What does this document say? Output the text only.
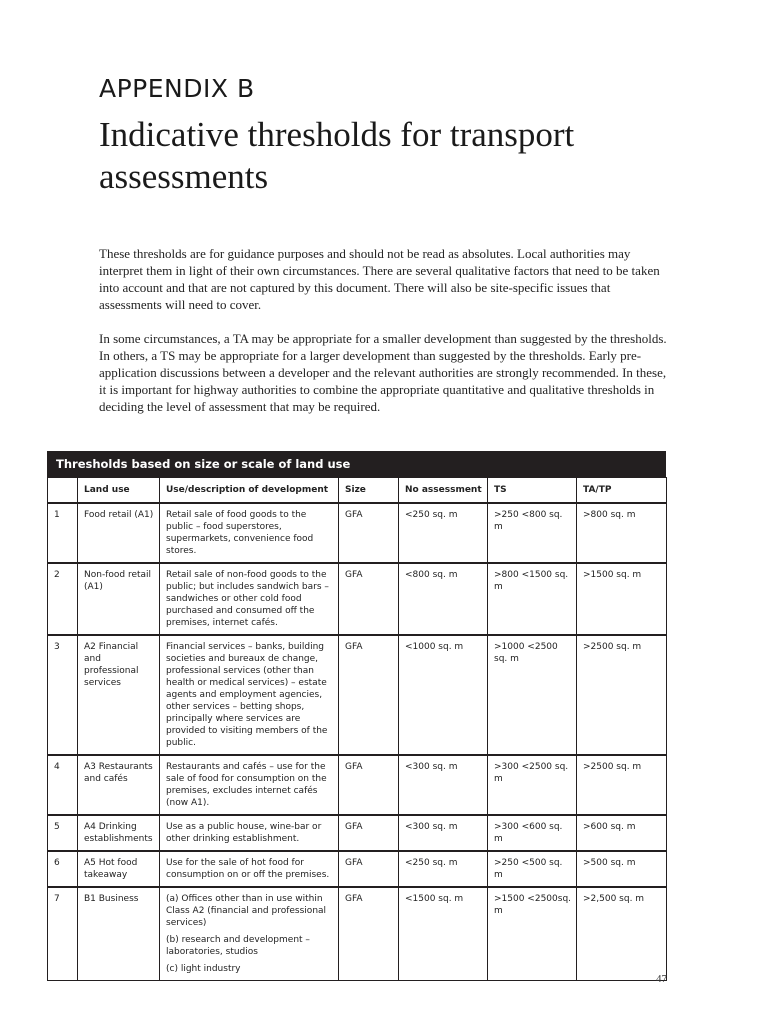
APPENDIX B
Indicative thresholds for transport assessments

These thresholds are for guidance purposes and should not be read as absolutes. Local authorities may interpret them in light of their own circumstances. There are several qualitative factors that need to be taken into account and that are not captured by this document. There will also be site-specific issues that assessments will need to cover.

In some circumstances, a TA may be appropriate for a smaller development than suggested by the thresholds. In others, a TS may be appropriate for a larger development than suggested by the thresholds. Early pre-application discussions between a developer and the relevant authorities are strongly recommended. In these, it is important for highway authorities to combine the appropriate quantitative and qualitative thresholds in deciding the level of assessment that may be required.

Thresholds based on size or scale of land use
	Land use	Use/description of development	Size	No assessment	TS	TA/TP
1	Food retail (A1)	Retail sale of food goods to the public – food superstores, supermarkets, convenience food stores.	GFA	<250 sq. m	>250 <800 sq. m	>800 sq. m
2	Non-food retail (A1)	Retail sale of non-food goods to the public; but includes sandwich bars – sandwiches or other cold food purchased and consumed off the premises, internet cafés.	GFA	<800 sq. m	>800 <1500 sq. m	>1500 sq. m
3	A2 Financial and professional services	Financial services – banks, building societies and bureaux de change, professional services (other than health or medical services) – estate agents and employment agencies, other services – betting shops, principally where services are provided to visiting members of the public.	GFA	<1000 sq. m	>1000 <2500 sq. m	>2500 sq. m
4	A3 Restaurants and cafés	Restaurants and cafés – use for the sale of food for consumption on the premises, excludes internet cafés (now A1).	GFA	<300 sq. m	>300 <2500 sq. m	>2500 sq. m
5	A4 Drinking establishments	Use as a public house, wine-bar or other drinking establishment.	GFA	<300 sq. m	>300 <600 sq. m	>600 sq. m
6	A5 Hot food takeaway	Use for the sale of hot food for consumption on or off the premises.	GFA	<250 sq. m	>250 <500 sq. m	>500 sq. m
7	B1 Business	(a) Offices other than in use within Class A2 (financial and professional services)
(b) research and development – laboratories, studios
(c) light industry	GFA	<1500 sq. m	>1500 <2500sq. m	>2,500 sq. m
47
